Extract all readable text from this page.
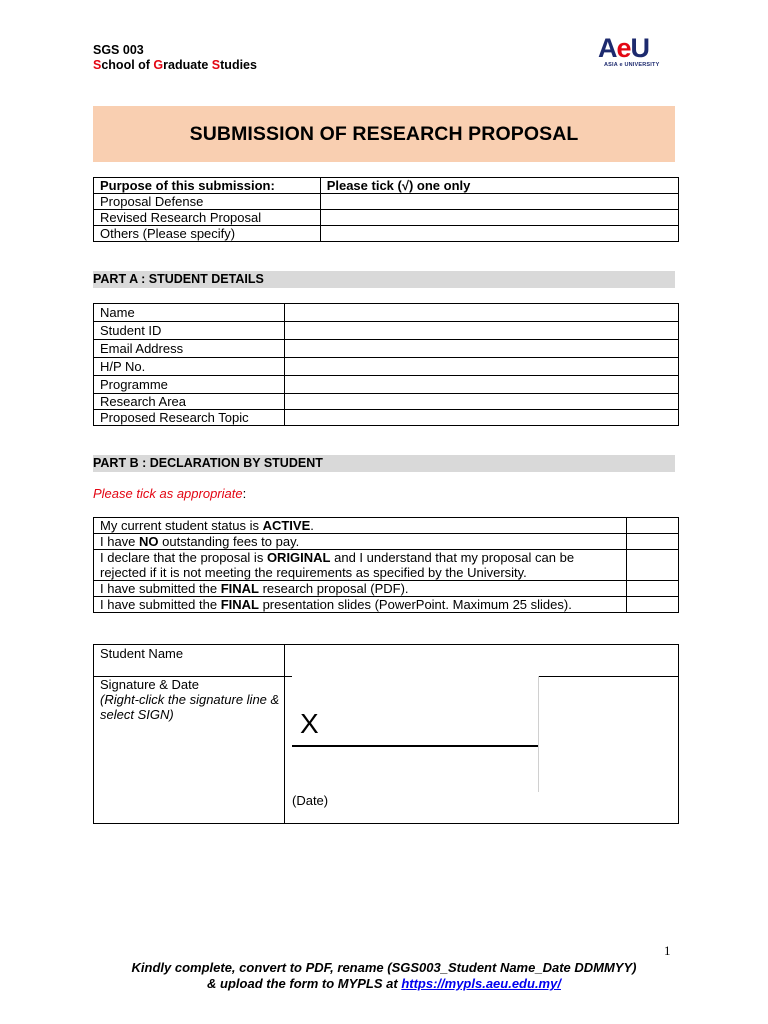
SGS 003
School of Graduate Studies
AeU
ASIA e UNIVERSITY
SUBMISSION OF RESEARCH PROPOSAL
Purpose of this submission:	Please tick (√) one only
Proposal Defense	
Revised Research Proposal	
Others (Please specify)	
PART A : STUDENT DETAILS
Name	
Student ID	
Email Address	
H/P No.	
Programme	
Research Area	
Proposed Research Topic	
PART B : DECLARATION BY STUDENT
Please tick as appropriate:
My current student status is ACTIVE.	
I have NO outstanding fees to pay.	
I declare that the proposal is ORIGINAL and I understand that my proposal can be rejected if it is not meeting the requirements as specified by the University.	
I have submitted the FINAL research proposal (PDF).	
I have submitted the FINAL presentation slides (PowerPoint. Maximum 25 slides).	
Student Name
Signature & Date
(Right-click the signature line & select SIGN)	X
(Date)
1
Kindly complete, convert to PDF, rename (SGS003_Student Name_Date DDMMYY)
& upload the form to MYPLS at https://mypls.aeu.edu.my/
